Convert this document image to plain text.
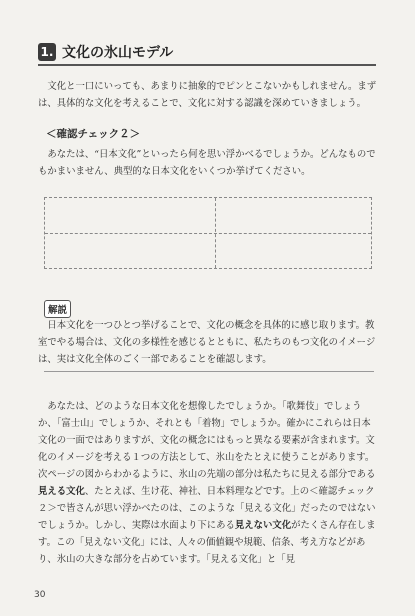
1. 文化の氷山モデル

文化と一口にいっても、あまりに抽象的でピンとこないかもしれません。まずは、具体的な文化を考えることで、文化に対する認識を深めていきましょう。

＜確認チェック２＞

あなたは、“日本文化”といったら何を思い浮かべるでしょうか。どんなものでもかまいません、典型的な日本文化をいくつか挙げてください。

解説

日本文化を一つひとつ挙げることで、文化の概念を具体的に感じ取ります。教室でやる場合は、文化の多様性を感じるとともに、私たちのもつ文化のイメージは、実は文化全体のごく一部であることを確認します。

あなたは、どのような日本文化を想像したでしょうか。「歌舞伎」でしょうか、「富士山」でしょうか、それとも「着物」でしょうか。確かにこれらは日本文化の一面ではありますが、文化の概念にはもっと異なる要素が含まれます。文化のイメージを考える１つの方法として、氷山をたとえに使うことがあります。次ページの図からわかるように、氷山の先端の部分は私たちに見える部分である見える文化、たとえば、生け花、神社、日本料理などです。上の＜確認チェック２＞で皆さんが思い浮かべたのは、このような「見える文化」だったのではないでしょうか。しかし、実際は水面より下にある見えない文化がたくさん存在します。この「見えない文化」には、人々の価値観や規範、信条、考え方などがあり、氷山の大きな部分を占めています。「見える文化」と「見

30
